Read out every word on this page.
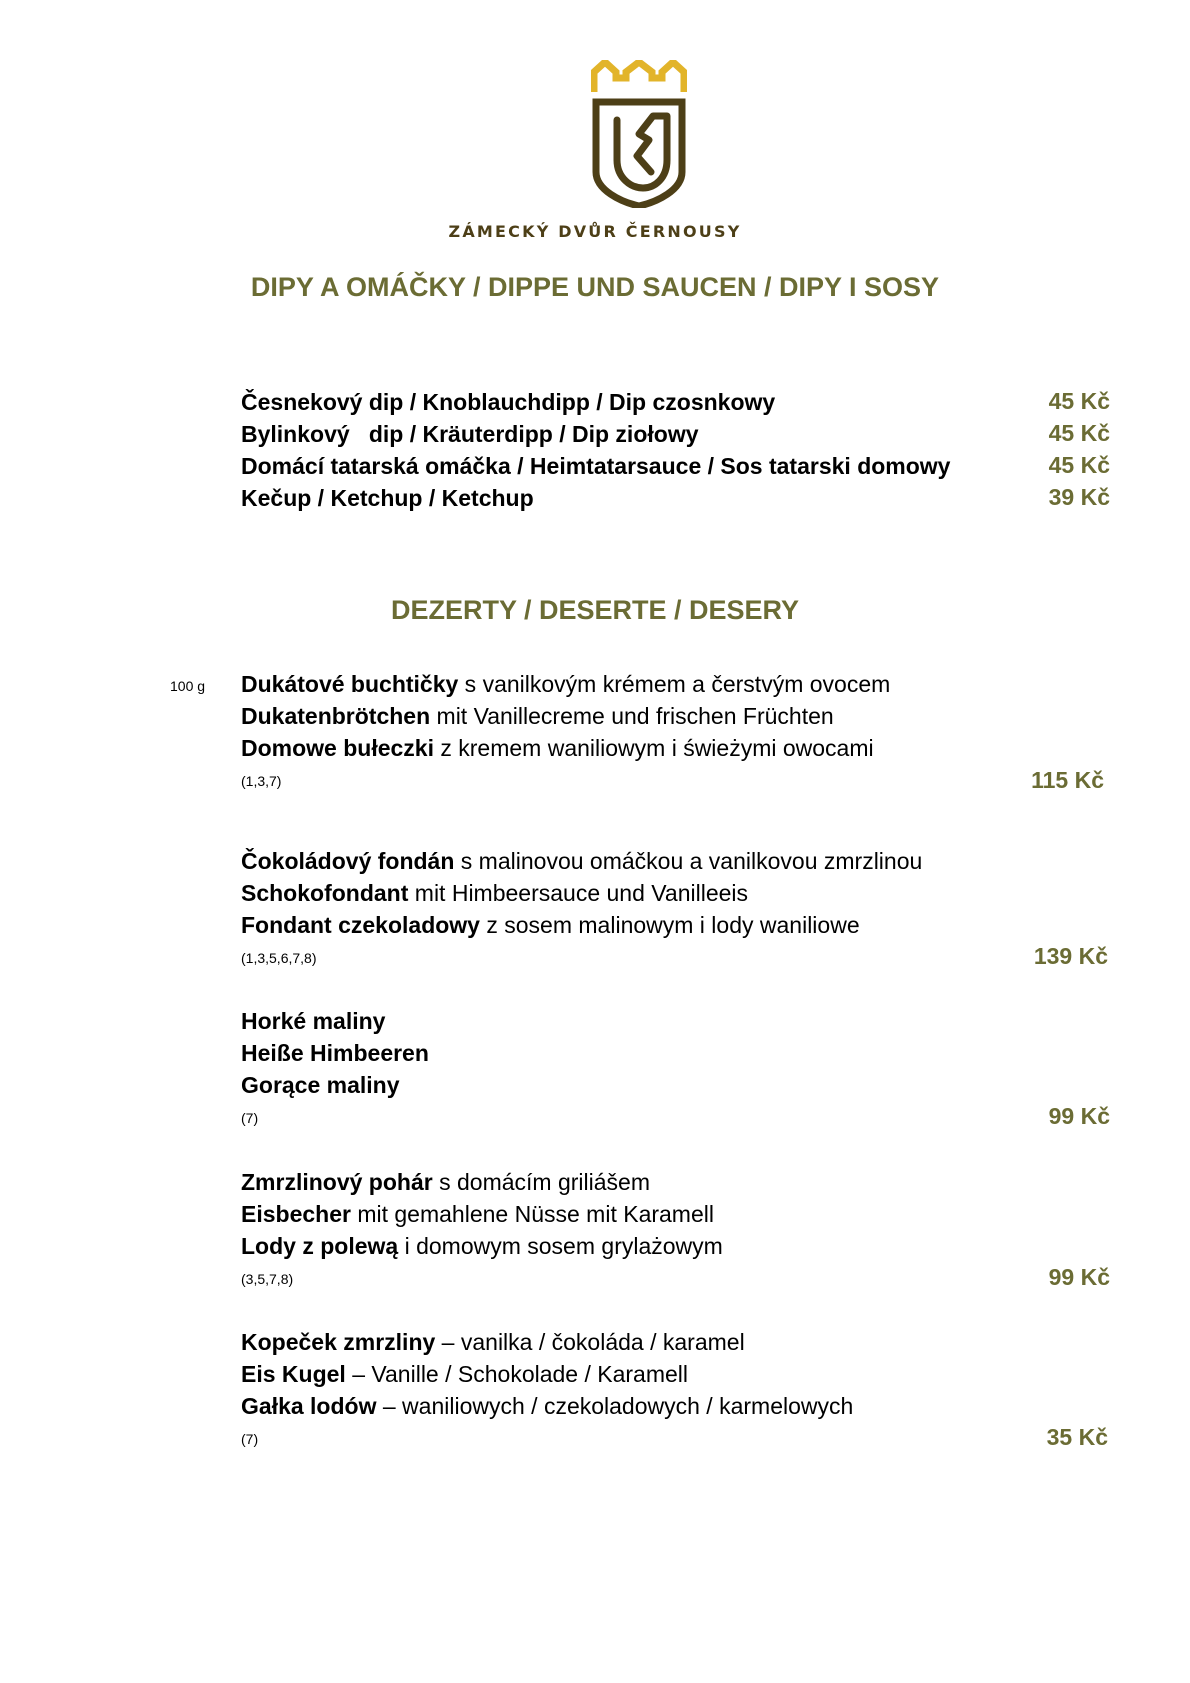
ZÁMECKÝ DVŮR ČERNOUSY
DIPY A OMÁČKY / DIPPE UND SAUCEN / DIPY I SOSY
Česnekový dip / Knoblauchdipp / Dip czosnkowy	45 Kč
Bylinkový   dip / Kräuterdipp / Dip ziołowy	45 Kč
Domácí tatarská omáčka / Heimtatarsauce / Sos tatarski domowy	45 Kč
Kečup / Ketchup / Ketchup	39 Kč
DEZERTY / DESERTE / DESERY
100 g Dukátové buchtičky s vanilkovým krémem a čerstvým ovocem
Dukatenbrötchen mit Vanillecreme und frischen Früchten
Domowe bułeczki z kremem waniliowym i świeżymi owocami
(1,3,7)	115 Kč
Čokoládový fondán s malinovou omáčkou a vanilkovou zmrzlinou
Schokofondant mit Himbeersauce und Vanilleeis
Fondant czekoladowy z sosem malinowym i lody waniliowe
(1,3,5,6,7,8)	139 Kč
Horké maliny
Heiße Himbeeren
Gorące maliny
(7)	99 Kč
Zmrzlinový pohár s domácím griliášem
Eisbecher mit gemahlene Nüsse mit Karamell
Lody z polewą i domowym sosem grylażowym
(3,5,7,8)	99 Kč
Kopeček zmrzliny – vanilka / čokoláda / karamel
Eis Kugel – Vanille / Schokolade / Karamell
Gałka lodów – waniliowych / czekoladowych / karmelowych
(7)	35 Kč
